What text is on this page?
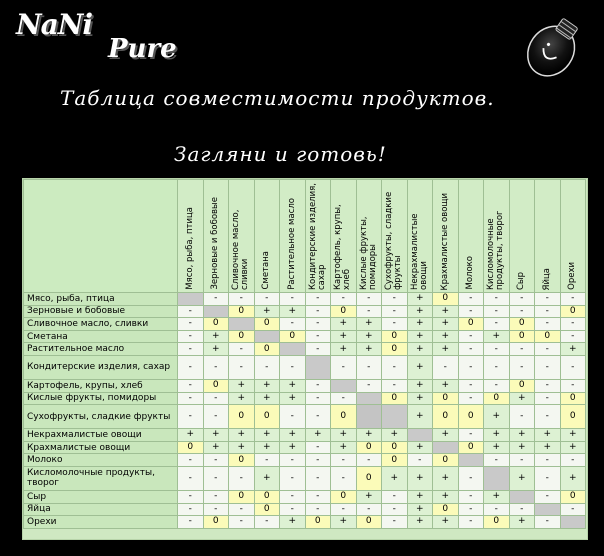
NaNi
Pure
Таблица совместимости продуктов.
Загляни и готовь!

	Мясо, рыба, птица	Зерновые и бобовые	Сливочное масло, сливки	Сметана	Растительное масло	Кондитерские изделия, сахар	Картофель, крупы, хлеб	Кислые фрукты, помидоры	Сухофрукты, сладкие фрукты	Некрахмалистые овощи	Крахмалистые овощи	Молоко	Кисломолочные продукты, творог	Сыр	Яйца	Орехи

Мясо, рыба, птица		-	-	-	-	-	-	-	-	+	0	-	-	-	-	-
Зерновые и бобовые	-		0	+	+	-	0	-	-	+	+	-	-	-	-	0
Сливочное масло, сливки	-	0		0	-	-	+	+	-	+	+	0	-	0	-	-
Сметана	-	+	0		0	-	+	+	0	+	+	-	+	0	0	-
Растительное масло	-	+	-	0		-	+	+	0	+	+	-	-	-	-	+
Кондитерские изделия, сахар	-	-	-	-	-		-	-	-	+	-	-	-	-	-	-
Картофель, крупы, хлеб	-	0	+	+	+	-		-	-	+	+	-	-	0	-	-
Кислые фрукты, помидоры	-	-	+	+	+	-	-		0	+	0	-	0	+	-	0
Сухофрукты, сладкие фрукты	-	-	0	0	-	-	0			+	0	0	+	-	-	0
Некрахмалистые овощи	+	+	+	+	+	+	+	+	+		+	-	+	+	+	+
Крахмалистые овощи	0	+	+	+	+	-	+	0	0	+		0	+	+	+	+
Молоко	-	-	0	-	-	-	-	-	0	-	0		-	-	-	-
Кисломолочные продукты, творог	-	-	-	+	-	-	-	0	+	+	+	-		+	-	+
Сыр	-	-	0	0	-	-	0	+	-	+	+	-	+		-	0
Яйца	-	-	-	0	-	-	-	-	-	+	0	-	-	-		-
Орехи	-	0	-	-	+	0	+	0	-	+	+	-	0	+	-	
